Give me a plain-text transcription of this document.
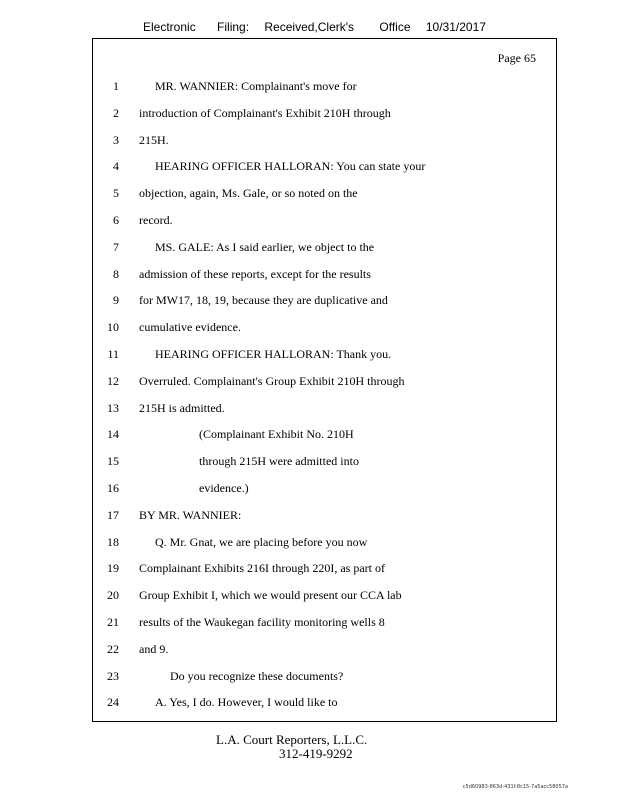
Electronic Filing: Received,Clerk's Office 10/31/2017
Page 65
1	MR. WANNIER: Complainant's move for
2 introduction of Complainant's Exhibit 210H through
3 215H.
4	HEARING OFFICER HALLORAN: You can state your
5 objection, again, Ms. Gale, or so noted on the
6 record.
7	MS. GALE: As I said earlier, we object to the
8 admission of these reports, except for the results
9 for MW17, 18, 19, because they are duplicative and
10 cumulative evidence.
11	HEARING OFFICER HALLORAN: Thank you.
12 Overruled. Complainant's Group Exhibit 210H through
13 215H is admitted.
14	(Complainant Exhibit No. 210H
15	through 215H were admitted into
16	evidence.)
17 BY MR. WANNIER:
18	Q. Mr. Gnat, we are placing before you now
19 Complainant Exhibits 216I through 220I, as part of
20 Group Exhibit I, which we would present our CCA lab
21 results of the Waukegan facility monitoring wells 8
22 and 9.
23	Do you recognize these documents?
24	A. Yes, I do. However, I would like to
L.A. Court Reporters, L.L.C.
312-419-9292
c5d60983-863d-431f-8c15-7a5acc58057a
